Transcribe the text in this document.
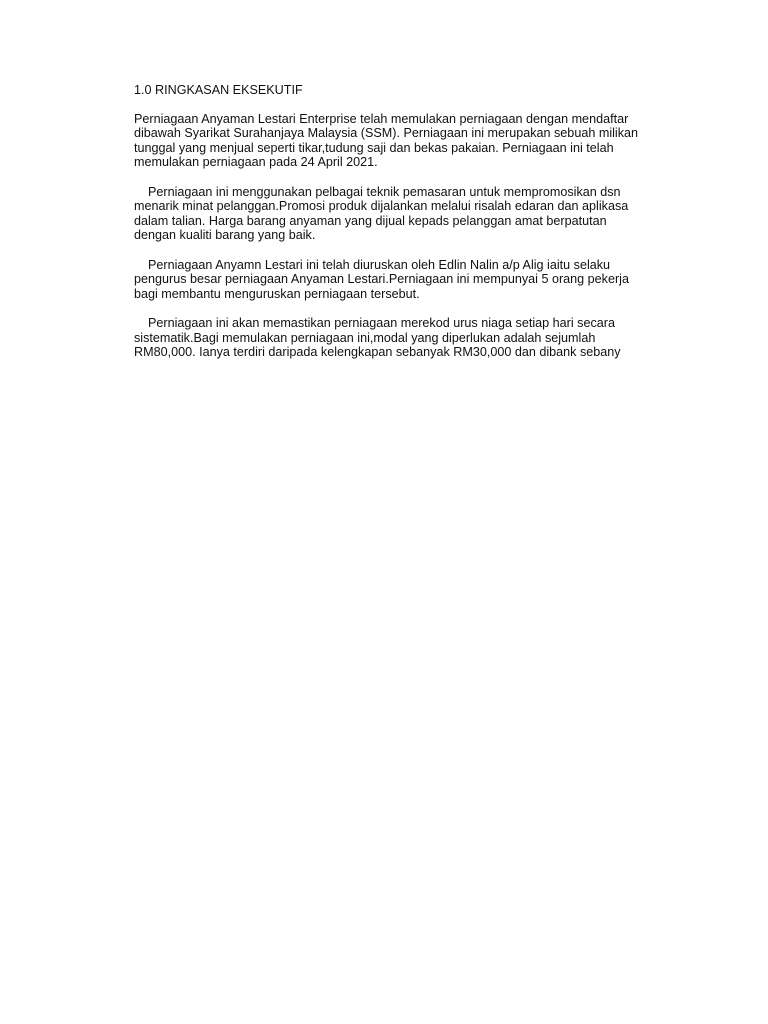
1.0 RINGKASAN EKSEKUTIF
Perniagaan Anyaman Lestari Enterprise telah memulakan perniagaan dengan mendaftar
dibawah Syarikat Surahanjaya Malaysia (SSM). Perniagaan ini merupakan sebuah milikan
tunggal yang menjual seperti tikar,tudung saji dan bekas pakaian. Perniagaan ini telah
memulakan perniagaan pada 24 April 2021.
Perniagaan ini menggunakan pelbagai teknik pemasaran untuk mempromosikan dsn
menarik minat pelanggan.Promosi produk dijalankan melalui risalah edaran dan aplikasa
dalam talian. Harga barang anyaman yang dijual kepads pelanggan amat berpatutan
dengan kualiti barang yang baik.
Perniagaan Anyamn Lestari ini telah diuruskan oleh Edlin Nalin a/p Alig iaitu selaku
pengurus besar perniagaan Anyaman Lestari.Perniagaan ini mempunyai 5 orang pekerja
bagi membantu menguruskan perniagaan tersebut.
Perniagaan ini akan memastikan perniagaan merekod urus niaga setiap hari secara
sistematik.Bagi memulakan perniagaan ini,modal yang diperlukan adalah sejumlah
RM80,000. Ianya terdiri daripada kelengkapan sebanyak RM30,000 dan dibank sebany
